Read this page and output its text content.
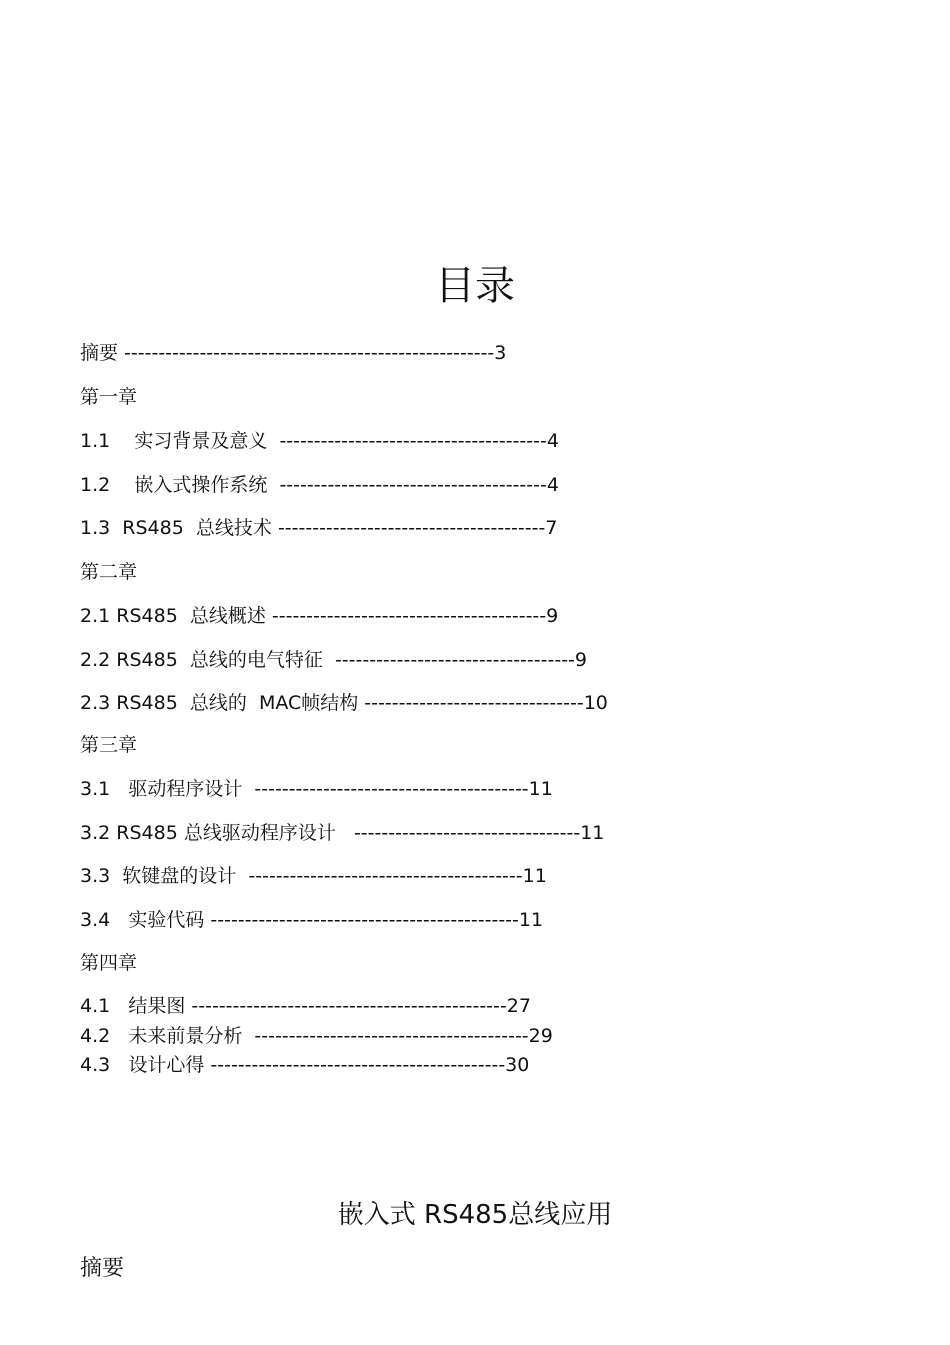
目录
摘要 ------------------------------------------------------3
第一章
1.1    实习背景及意义  ---------------------------------------4
1.2    嵌入式操作系统  ---------------------------------------4
1.3  RS485  总线技术 ---------------------------------------7
第二章
2.1 RS485  总线概述 ----------------------------------------9
2.2 RS485  总线的电气特征  -----------------------------------9
2.3 RS485  总线的  MAC帧结构 --------------------------------10
第三章
3.1   驱动程序设计  ----------------------------------------11
3.2 RS485 总线驱动程序设计   ---------------------------------11
3.3  软键盘的设计  ----------------------------------------11
3.4   实验代码 ---------------------------------------------11
第四章
4.1   结果图 ----------------------------------------------27
4.2   未来前景分析  ----------------------------------------29
4.3   设计心得 -------------------------------------------30
嵌入式 RS485总线应用
摘要
